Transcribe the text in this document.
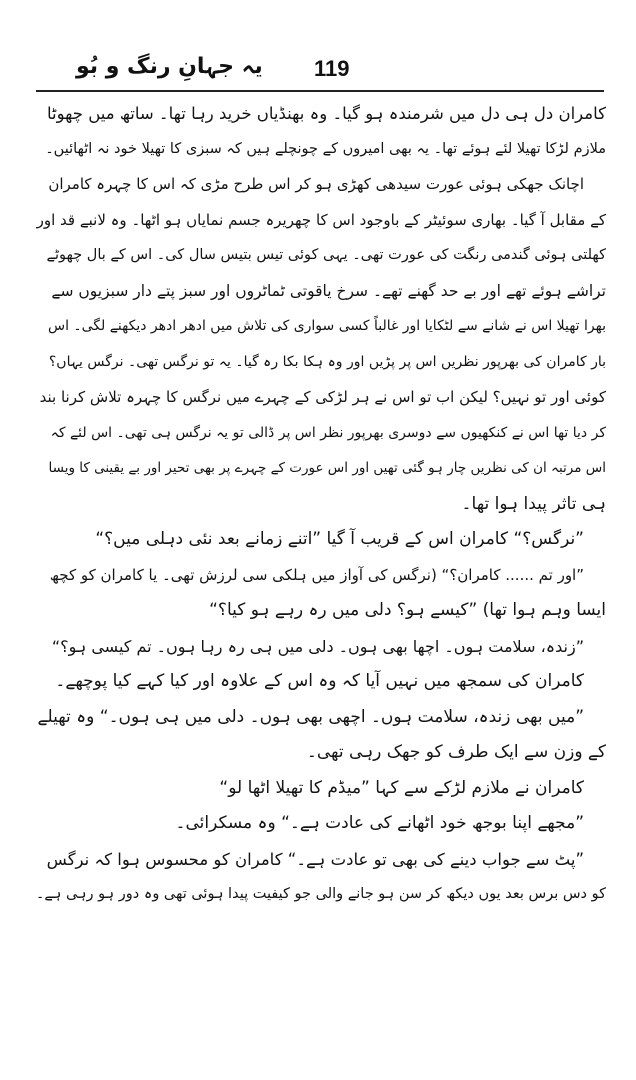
یہ جہانِ رنگ و بُو 119
کامران دل ہی دل میں شرمندہ ہو گیا۔ وہ بھنڈیاں خرید رہا تھا۔ ساتھ میں چھوٹا
ملازم لڑکا تھیلا لئے ہوئے تھا۔ یہ بھی امیروں کے چونچلے ہیں کہ سبزی کا تھیلا خود نہ اٹھائیں۔
اچانک جھکی ہوئی عورت سیدھی کھڑی ہو کر اس طرح مڑی کہ اس کا چہرہ کامران
کے مقابل آ گیا۔ بھاری سوئیٹر کے باوجود اس کا چھریرہ جسم نمایاں ہو اٹھا۔ وہ لانبے قد اور
کھلتی ہوئی گندمی رنگت کی عورت تھی۔ یہی کوئی تیس بتیس سال کی۔ اس کے بال چھوٹے
تراشے ہوئے تھے اور بے حد گھنے تھے۔ سرخ یاقوتی ٹماٹروں اور سبز پتے دار سبزیوں سے
بھرا تھیلا اس نے شانے سے لٹکایا اور غالباً کسی سواری کی تلاش میں ادھر ادھر دیکھنے لگی۔ اس
بار کامران کی بھرپور نظریں اس پر پڑیں اور وہ ہکا بکا رہ گیا۔ یہ تو نرگس تھی۔ نرگس یہاں؟
کوئی اور تو نہیں؟ لیکن اب تو اس نے ہر لڑکی کے چہرے میں نرگس کا چہرہ تلاش کرنا بند
کر دیا تھا اس نے کنکھیوں سے دوسری بھرپور نظر اس پر ڈالی تو یہ نرگس ہی تھی۔ اس لئے کہ
اس مرتبہ ان کی نظریں چار ہو گئی تھیں اور اس عورت کے چہرے پر بھی تحیر اور بے یقینی کا ویسا
ہی تاثر پیدا ہوا تھا۔
”نرگس؟“ کامران اس کے قریب آ گیا ”اتنے زمانے بعد نئی دہلی میں؟“
”اور تم ...... کامران؟“ (نرگس کی آواز میں ہلکی سی لرزش تھی۔ یا کامران کو کچھ
ایسا وہم ہوا تھا) ”کیسے ہو؟ دلی میں رہ رہے ہو کیا؟“
”زندہ، سلامت ہوں۔ اچھا بھی ہوں۔ دلی میں ہی رہ رہا ہوں۔ تم کیسی ہو؟“
کامران کی سمجھ میں نہیں آیا کہ وہ اس کے علاوہ اور کیا کہے کیا پوچھے۔
”میں بھی زندہ، سلامت ہوں۔ اچھی بھی ہوں۔ دلی میں ہی ہوں۔“ وہ تھیلے
کے وزن سے ایک طرف کو جھک رہی تھی۔
کامران نے ملازم لڑکے سے کہا ”میڈم کا تھیلا اٹھا لو“
”مجھے اپنا بوجھ خود اٹھانے کی عادت ہے۔“ وہ مسکرائی۔
”پٹ سے جواب دینے کی بھی تو عادت ہے۔“ کامران کو محسوس ہوا کہ نرگس
کو دس برس بعد یوں دیکھ کر سن ہو جانے والی جو کیفیت پیدا ہوئی تھی وہ دور ہو رہی ہے۔
